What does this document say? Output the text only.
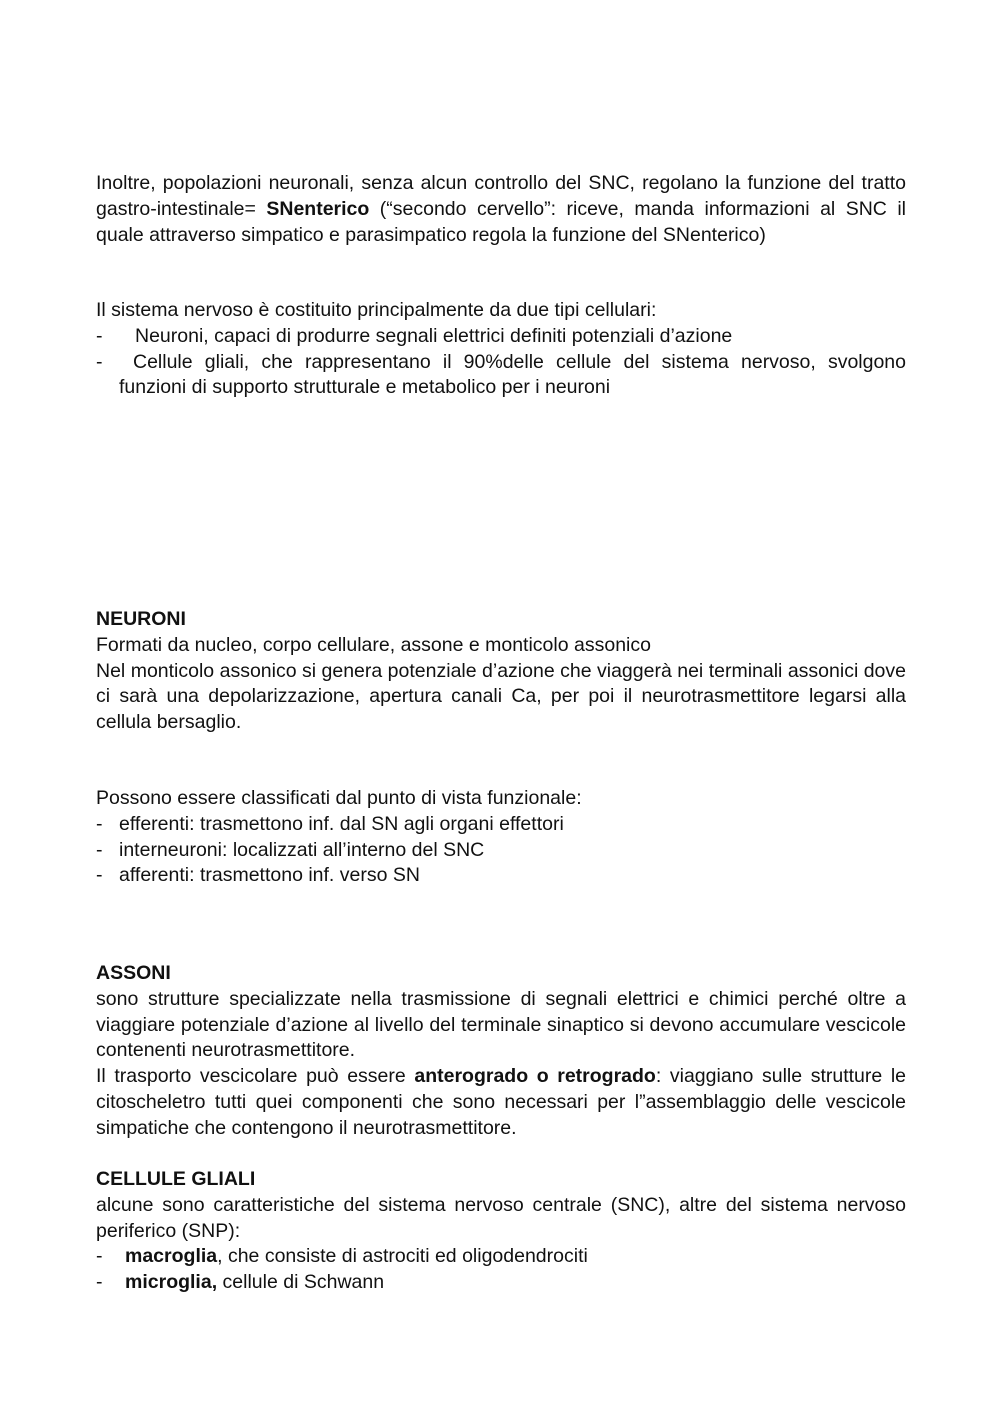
Inoltre, popolazioni neuronali, senza alcun controllo del SNC, regolano la funzione del tratto gastro-intestinale= SNenterico (“secondo cervello”: riceve, manda informazioni al SNC il quale attraverso simpatico e parasimpatico regola la funzione del SNenterico)

Il sistema nervoso è costituito principalmente da due tipi cellulari:

- Neuroni, capaci di produrre segnali elettrici definiti potenziali d’azione
-	Cellule gliali, che rappresentano il 90%delle cellule del sistema nervoso, svolgono funzioni di supporto strutturale e metabolico per i neuroni
NEURONI

Formati da nucleo, corpo cellulare, assone e monticolo assonico

Nel monticolo assonico si genera potenziale d’azione che viaggerà nei terminali assonici dove ci sarà una depolarizzazione, apertura canali Ca, per poi il neurotrasmettitore legarsi alla cellula bersaglio.

Possono essere classificati dal punto di vista funzionale:

- efferenti: trasmettono inf. dal SN agli organi effettori
- interneuroni: localizzati all’interno del SNC
- afferenti: trasmettono inf. verso SN
ASSONI

sono strutture specializzate nella trasmissione di segnali elettrici e chimici perché oltre a viaggiare potenziale d’azione al livello del terminale sinaptico si devono accumulare vescicole contenenti neurotrasmettitore.

Il trasporto vescicolare può essere anterogrado o retrogrado: viaggiano sulle strutture le citoscheletro tutti quei componenti che sono necessari per l”assemblaggio delle vescicole simpatiche che contengono il neurotrasmettitore.

CELLULE GLIALI

alcune sono caratteristiche del sistema nervoso centrale (SNC), altre del sistema nervoso periferico (SNP):

- macroglia, che consiste di astrociti ed oligodendrociti
- microglia, cellule di Schwann
